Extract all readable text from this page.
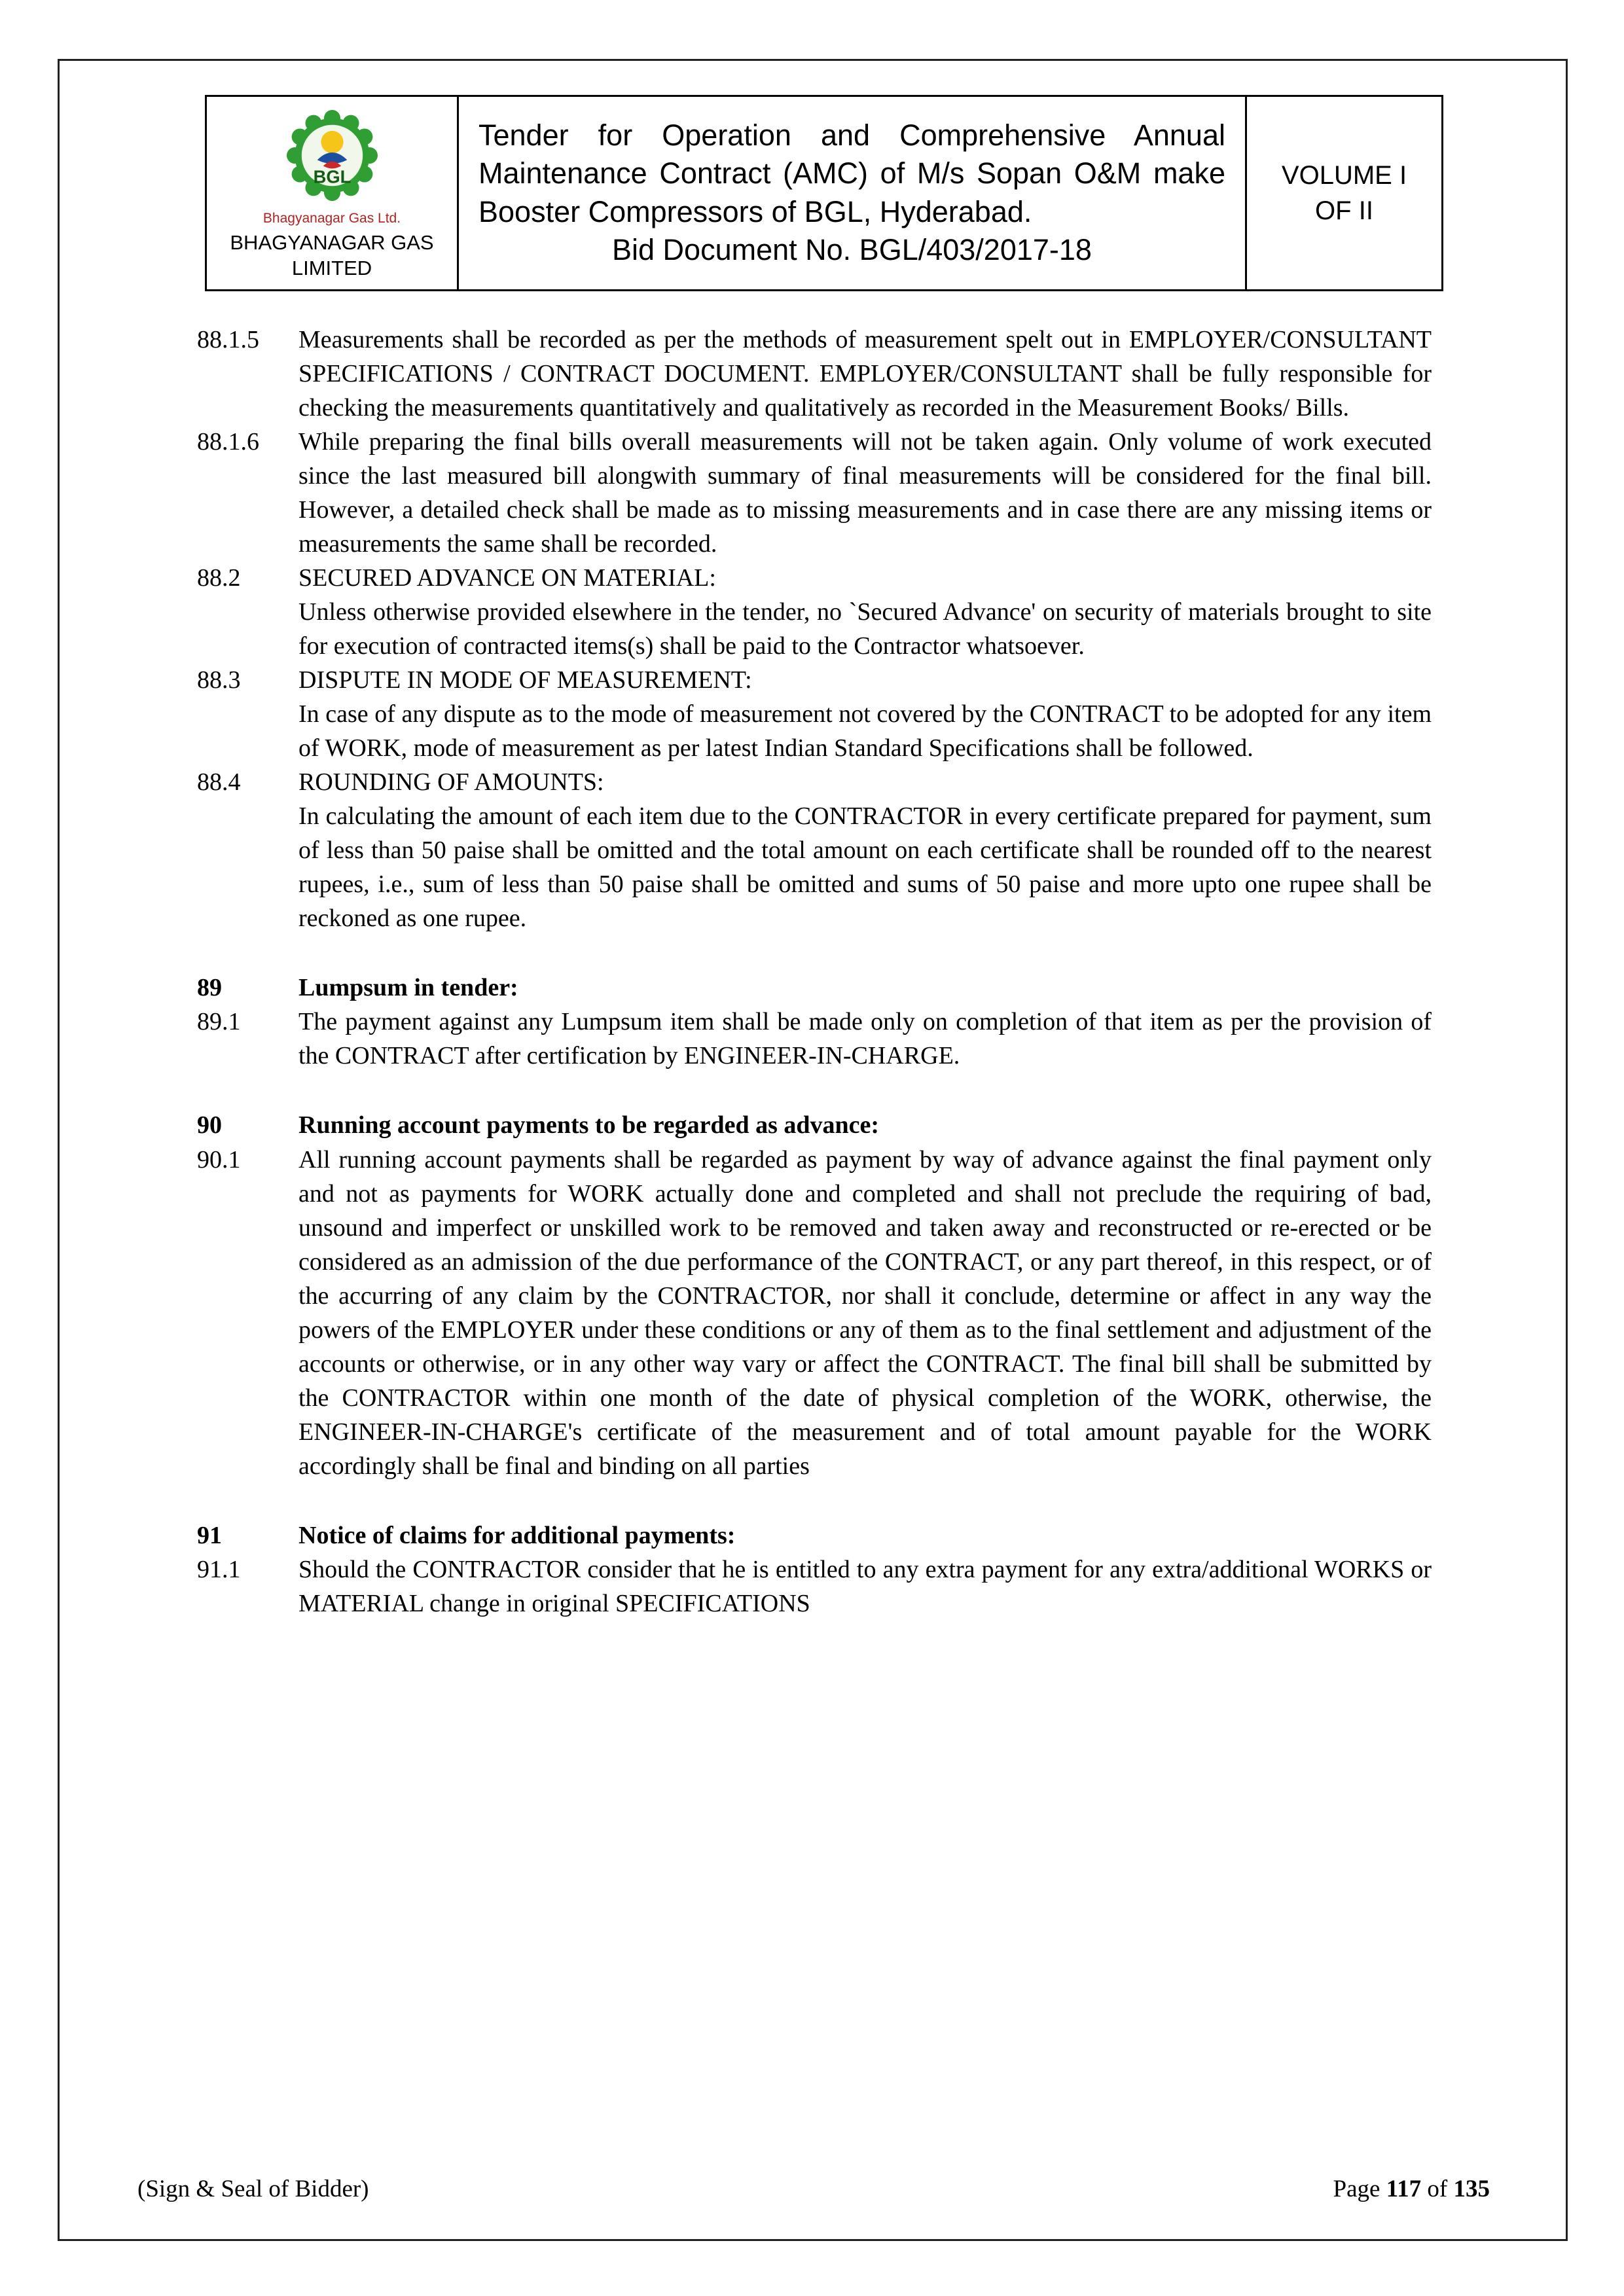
BGL
Bhagyanagar Gas Ltd.
BHAGYANAGAR GAS LIMITED

Tender for Operation and Comprehensive Annual Maintenance Contract (AMC) of M/s Sopan O&M make Booster Compressors of BGL, Hyderabad.
Bid Document No. BGL/403/2017-18

VOLUME I
OF II
88.1.5	Measurements shall be recorded as per the methods of measurement spelt out in EMPLOYER/CONSULTANT SPECIFICATIONS / CONTRACT DOCUMENT. EMPLOYER/CONSULTANT shall be fully responsible for checking the measurements quantitatively and qualitatively as recorded in the Measurement Books/ Bills.
88.1.6	While preparing the final bills overall measurements will not be taken again. Only volume of work executed since the last measured bill alongwith summary of final measurements will be considered for the final bill. However, a detailed check shall be made as to missing measurements and in case there are any missing items or measurements the same shall be recorded.
88.2	SECURED ADVANCE ON MATERIAL:
Unless otherwise provided elsewhere in the tender, no `Secured Advance' on security of materials brought to site for execution of contracted items(s) shall be paid to the Contractor whatsoever.
88.3	DISPUTE IN MODE OF MEASUREMENT:
In case of any dispute as to the mode of measurement not covered by the CONTRACT to be adopted for any item of WORK, mode of measurement as per latest Indian Standard Specifications shall be followed.
88.4	ROUNDING OF AMOUNTS:
In calculating the amount of each item due to the CONTRACTOR in every certificate prepared for payment, sum of less than 50 paise shall be omitted and the total amount on each certificate shall be rounded off to the nearest rupees, i.e., sum of less than 50 paise shall be omitted and sums of 50 paise and more upto one rupee shall be reckoned as one rupee.
89	Lumpsum in tender:
89.1	The payment against any Lumpsum item shall be made only on completion of that item as per the provision of the CONTRACT after certification by ENGINEER-IN-CHARGE.
90	Running account payments to be regarded as advance:
90.1	All running account payments shall be regarded as payment by way of advance against the final payment only and not as payments for WORK actually done and completed and shall not preclude the requiring of bad, unsound and imperfect or unskilled work to be removed and taken away and reconstructed or re-erected or be considered as an admission of the due performance of the CONTRACT, or any part thereof, in this respect, or of the accurring of any claim by the CONTRACTOR, nor shall it conclude, determine or affect in any way the powers of the EMPLOYER under these conditions or any of them as to the final settlement and adjustment of the accounts or otherwise, or in any other way vary or affect the CONTRACT. The final bill shall be submitted by the CONTRACTOR within one month of the date of physical completion of the WORK, otherwise, the ENGINEER-IN-CHARGE's certificate of the measurement and of total amount payable for the WORK accordingly shall be final and binding on all parties
91	Notice of claims for additional payments:
91.1	Should the CONTRACTOR consider that he is entitled to any extra payment for any extra/additional WORKS or MATERIAL change in original SPECIFICATIONS
(Sign & Seal of Bidder)	Page 117 of 135
